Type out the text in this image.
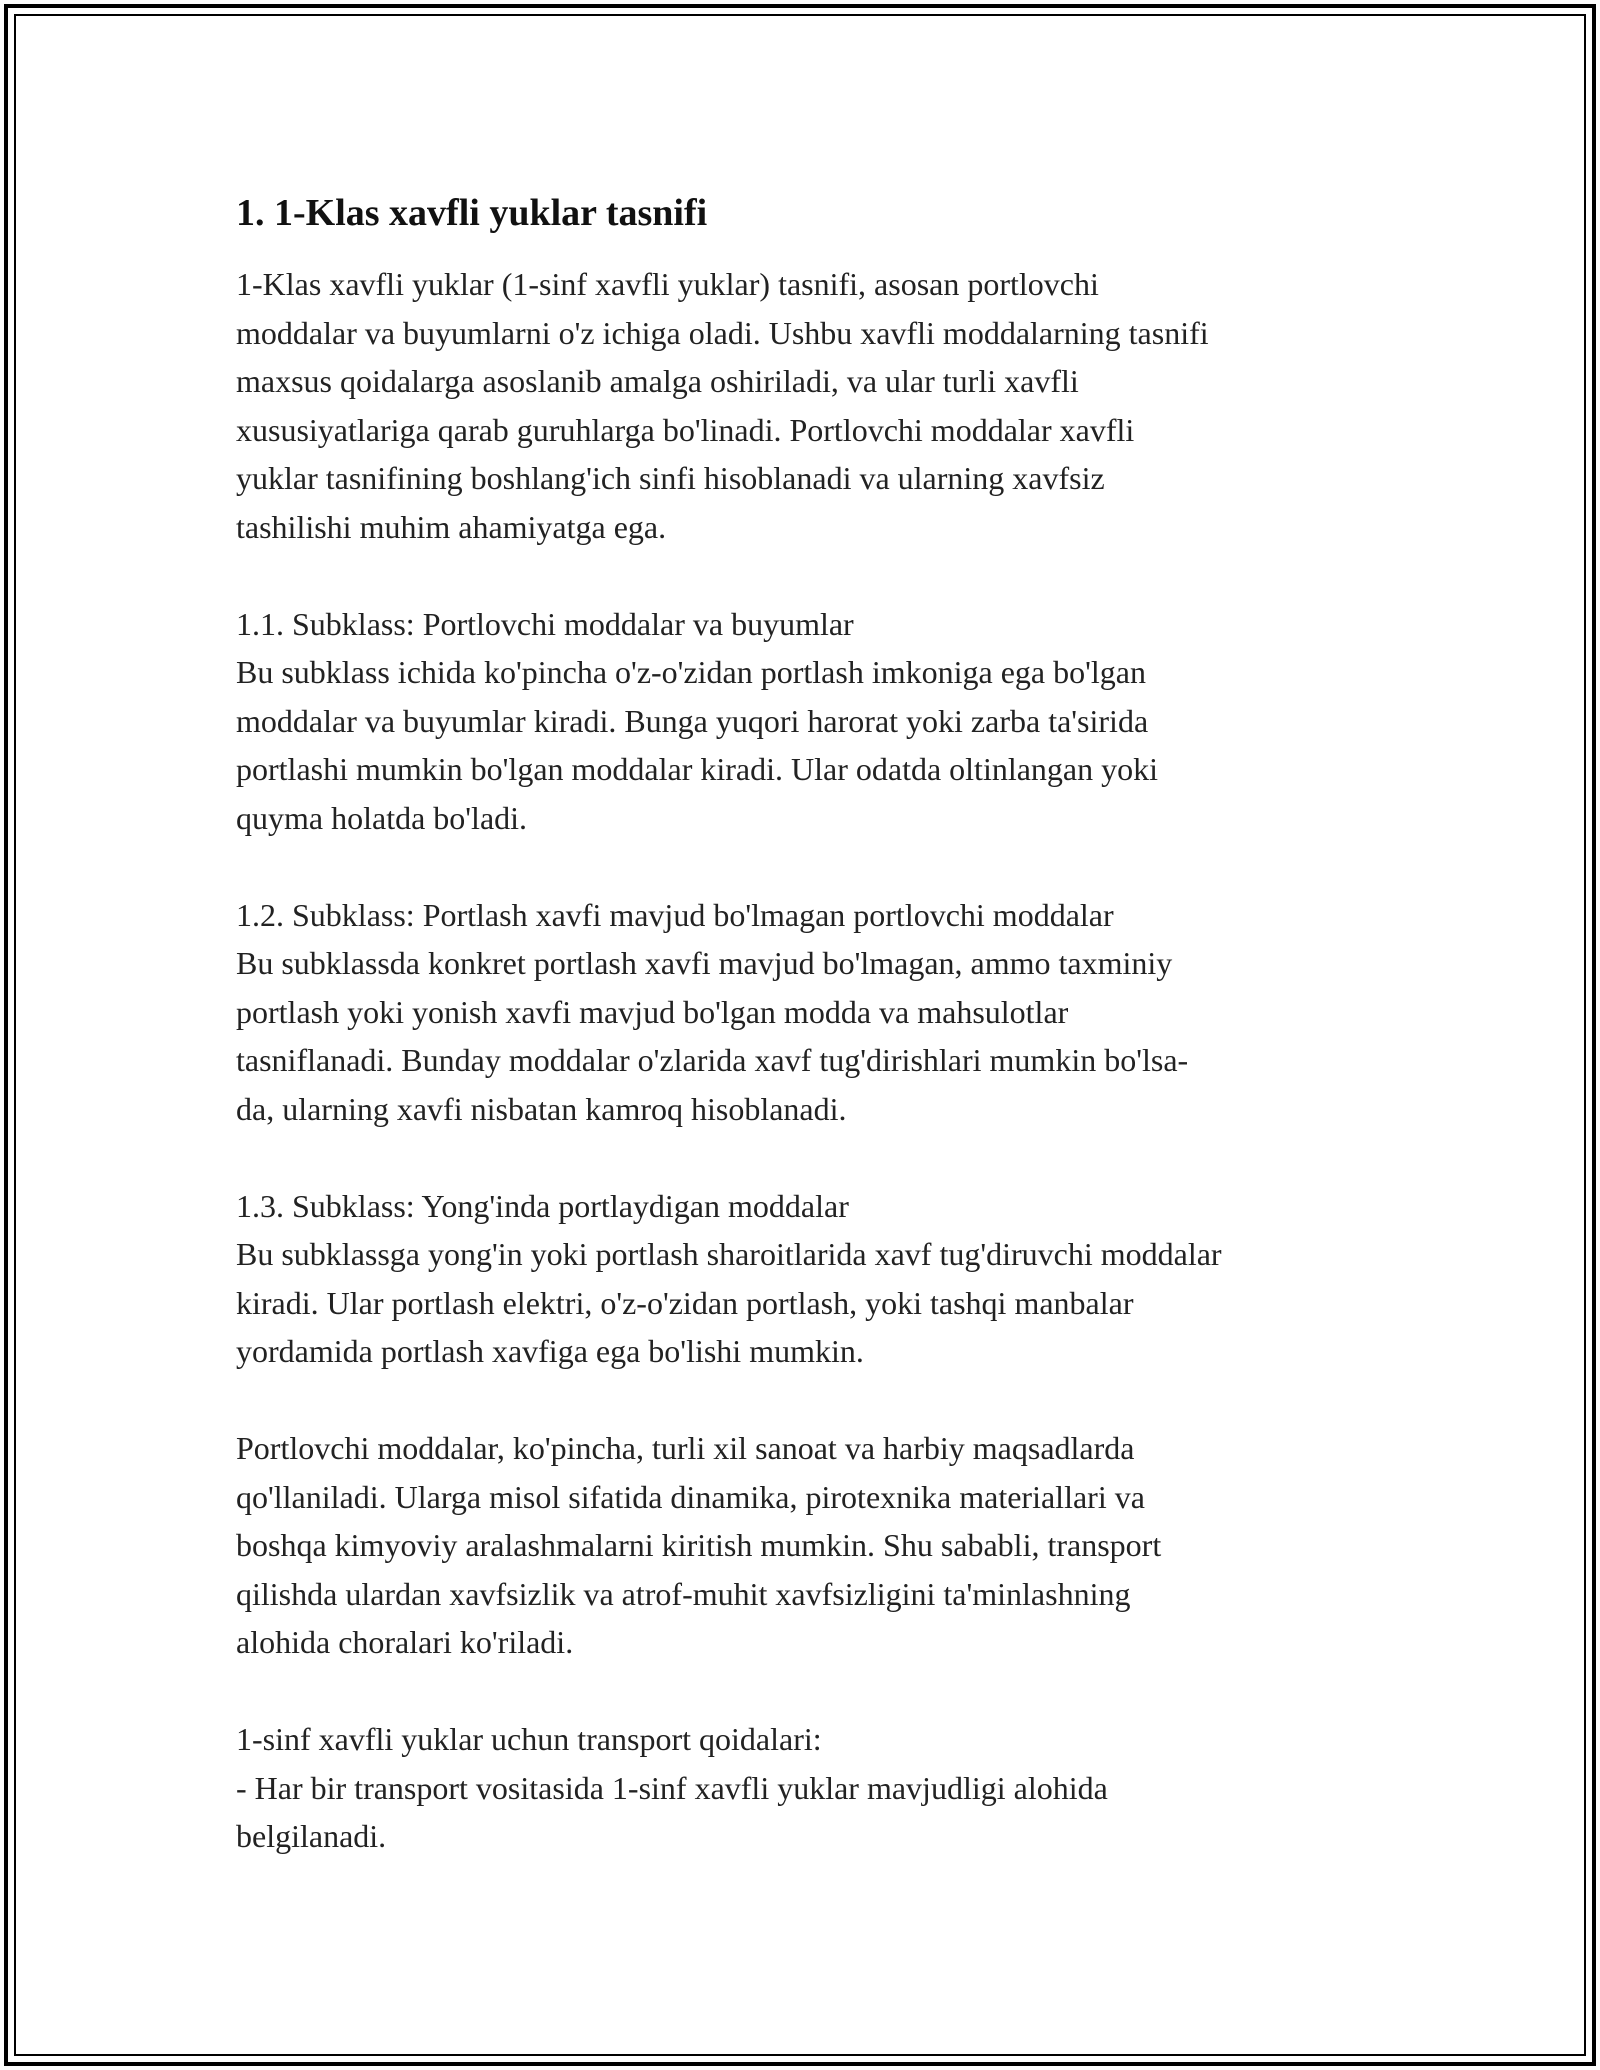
1. 1-Klas xavfli yuklar tasnifi

1-Klas xavfli yuklar (1-sinf xavfli yuklar) tasnifi, asosan portlovchi
moddalar va buyumlarni o'z ichiga oladi. Ushbu xavfli moddalarning tasnifi
maxsus qoidalarga asoslanib amalga oshiriladi, va ular turli xavfli
xususiyatlariga qarab guruhlarga bo'linadi. Portlovchi moddalar xavfli
yuklar tasnifining boshlang'ich sinfi hisoblanadi va ularning xavfsiz
tashilishi muhim ahamiyatga ega.

1.1. Subklass: Portlovchi moddalar va buyumlar
Bu subklass ichida ko'pincha o'z-o'zidan portlash imkoniga ega bo'lgan
moddalar va buyumlar kiradi. Bunga yuqori harorat yoki zarba ta'sirida
portlashi mumkin bo'lgan moddalar kiradi. Ular odatda oltinlangan yoki
quyma holatda bo'ladi.

1.2. Subklass: Portlash xavfi mavjud bo'lmagan portlovchi moddalar
Bu subklassda konkret portlash xavfi mavjud bo'lmagan, ammo taxminiy
portlash yoki yonish xavfi mavjud bo'lgan modda va mahsulotlar
tasniflanadi. Bunday moddalar o'zlarida xavf tug'dirishlari mumkin bo'lsa-
da, ularning xavfi nisbatan kamroq hisoblanadi.

1.3. Subklass: Yong'inda portlaydigan moddalar
Bu subklassga yong'in yoki portlash sharoitlarida xavf tug'diruvchi moddalar
kiradi. Ular portlash elektri, o'z-o'zidan portlash, yoki tashqi manbalar
yordamida portlash xavfiga ega bo'lishi mumkin.

Portlovchi moddalar, ko'pincha, turli xil sanoat va harbiy maqsadlarda
qo'llaniladi. Ularga misol sifatida dinamika, pirotexnika materiallari va
boshqa kimyoviy aralashmalarni kiritish mumkin. Shu sababli, transport
qilishda ulardan xavfsizlik va atrof-muhit xavfsizligini ta'minlashning
alohida choralari ko'riladi.

1-sinf xavfli yuklar uchun transport qoidalari:
- Har bir transport vositasida 1-sinf xavfli yuklar mavjudligi alohida
belgilanadi.
